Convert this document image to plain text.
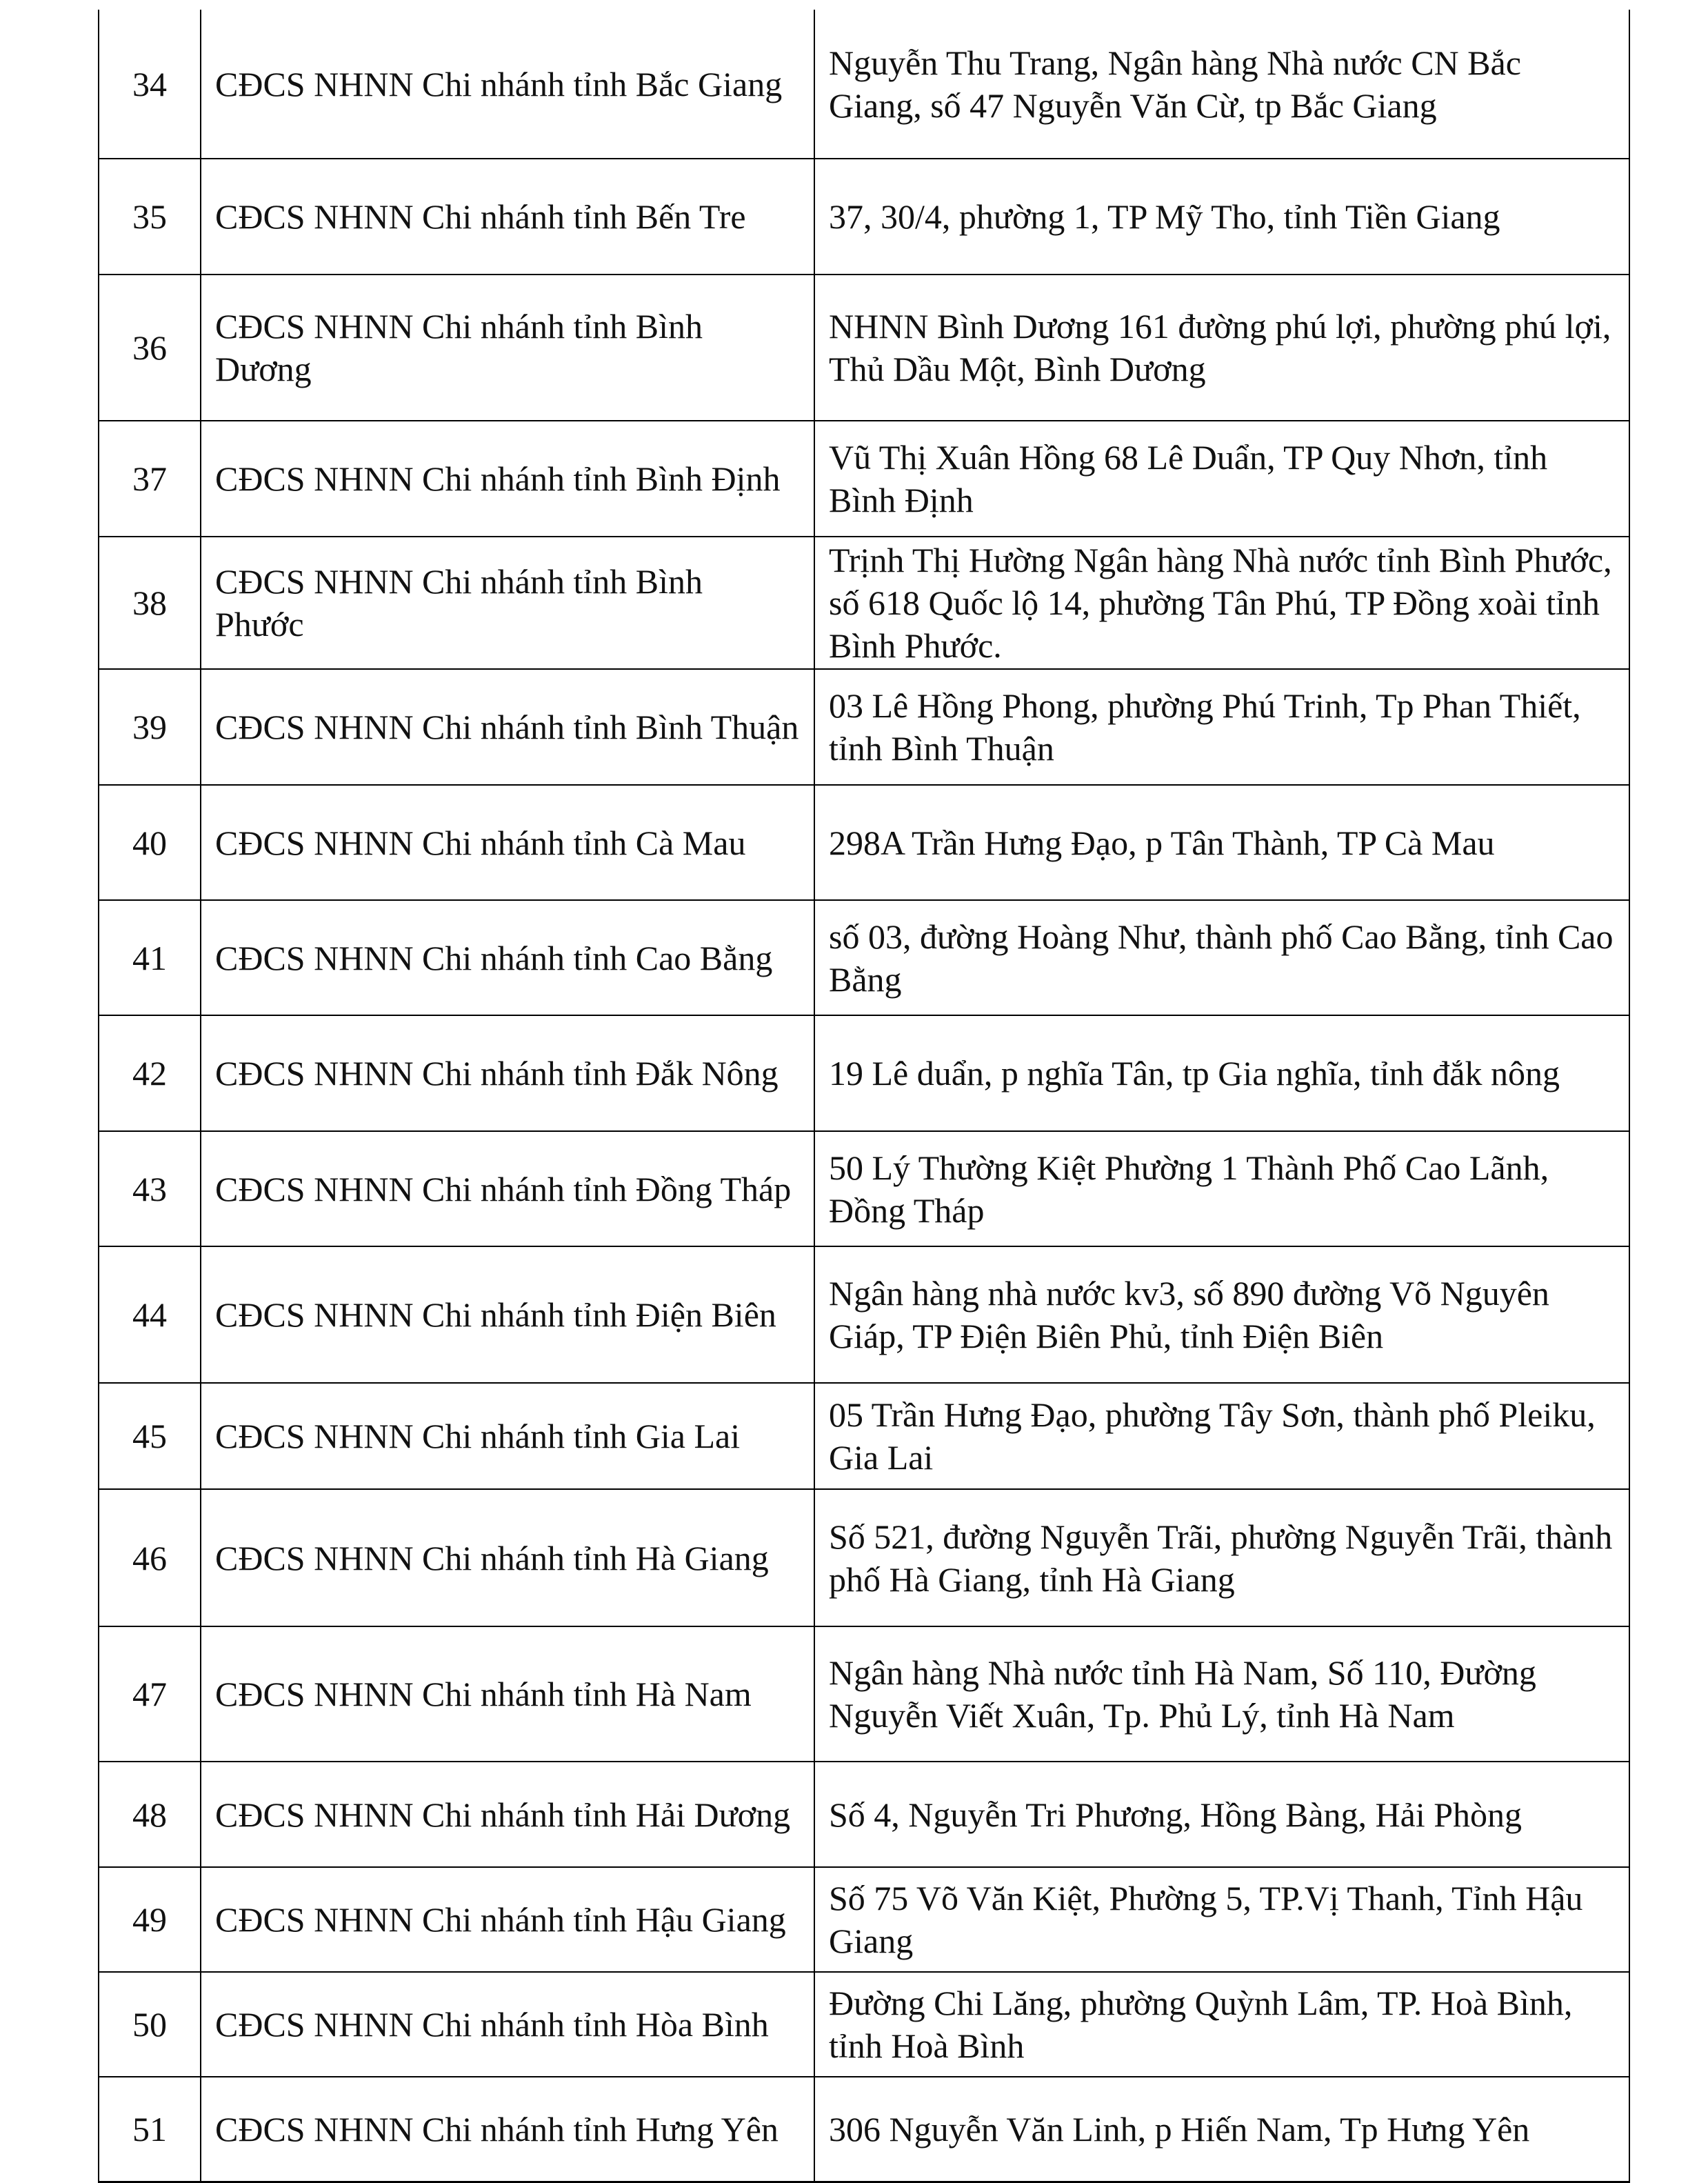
34	CĐCS NHNN Chi nhánh tỉnh Bắc Giang	Nguyễn Thu Trang, Ngân hàng Nhà nước CN Bắc Giang, số 47 Nguyễn Văn Cừ, tp Bắc Giang
35	CĐCS NHNN Chi nhánh tỉnh Bến Tre	37, 30/4, phường 1, TP Mỹ Tho, tỉnh Tiền Giang
36	CĐCS NHNN Chi nhánh tỉnh Bình Dương	NHNN Bình Dương 161 đường phú lợi, phường phú lợi, Thủ Dầu Một, Bình Dương
37	CĐCS NHNN Chi nhánh tỉnh Bình Định	Vũ Thị Xuân Hồng 68 Lê Duẩn, TP Quy Nhơn, tỉnh Bình Định
38	CĐCS NHNN Chi nhánh tỉnh Bình Phước	Trịnh Thị Hường Ngân hàng Nhà nước tỉnh Bình Phước, số 618 Quốc lộ 14, phường Tân Phú, TP Đồng xoài tỉnh Bình Phước.
39	CĐCS NHNN Chi nhánh tỉnh Bình Thuận	03 Lê Hồng Phong, phường Phú Trinh, Tp Phan Thiết, tỉnh Bình Thuận
40	CĐCS NHNN Chi nhánh tỉnh Cà Mau	298A Trần Hưng Đạo, p Tân Thành, TP Cà Mau
41	CĐCS NHNN Chi nhánh tỉnh Cao Bằng	số 03, đường Hoàng Như, thành phố Cao Bằng, tỉnh Cao Bằng
42	CĐCS NHNN Chi nhánh tỉnh Đắk Nông	19 Lê duẩn, p nghĩa Tân, tp Gia nghĩa, tỉnh đắk nông
43	CĐCS NHNN Chi nhánh tỉnh Đồng Tháp	50 Lý Thường Kiệt Phường 1 Thành Phố Cao Lãnh, Đồng Tháp
44	CĐCS NHNN Chi nhánh tỉnh Điện Biên	Ngân hàng nhà nước kv3, số 890 đường Võ Nguyên Giáp, TP Điện Biên Phủ, tỉnh Điện Biên
45	CĐCS NHNN Chi nhánh tỉnh Gia Lai	05 Trần Hưng Đạo, phường Tây Sơn, thành phố Pleiku, Gia Lai
46	CĐCS NHNN Chi nhánh tỉnh Hà Giang	Số 521, đường Nguyễn Trãi, phường Nguyễn Trãi, thành phố Hà Giang, tỉnh Hà Giang
47	CĐCS NHNN Chi nhánh tỉnh Hà Nam	Ngân hàng Nhà nước tỉnh Hà Nam, Số 110, Đường Nguyễn Viết Xuân, Tp. Phủ Lý, tỉnh Hà Nam
48	CĐCS NHNN Chi nhánh tỉnh Hải Dương	Số 4, Nguyễn Tri Phương, Hồng Bàng, Hải Phòng
49	CĐCS NHNN Chi nhánh tỉnh Hậu Giang	Số 75 Võ Văn Kiệt, Phường 5, TP.Vị Thanh, Tỉnh Hậu Giang
50	CĐCS NHNN Chi nhánh tỉnh Hòa Bình	Đường Chi Lăng, phường Quỳnh Lâm, TP. Hoà Bình, tỉnh Hoà Bình
51	CĐCS NHNN Chi nhánh tỉnh Hưng Yên	306 Nguyễn Văn Linh, p Hiến Nam, Tp Hưng Yên
